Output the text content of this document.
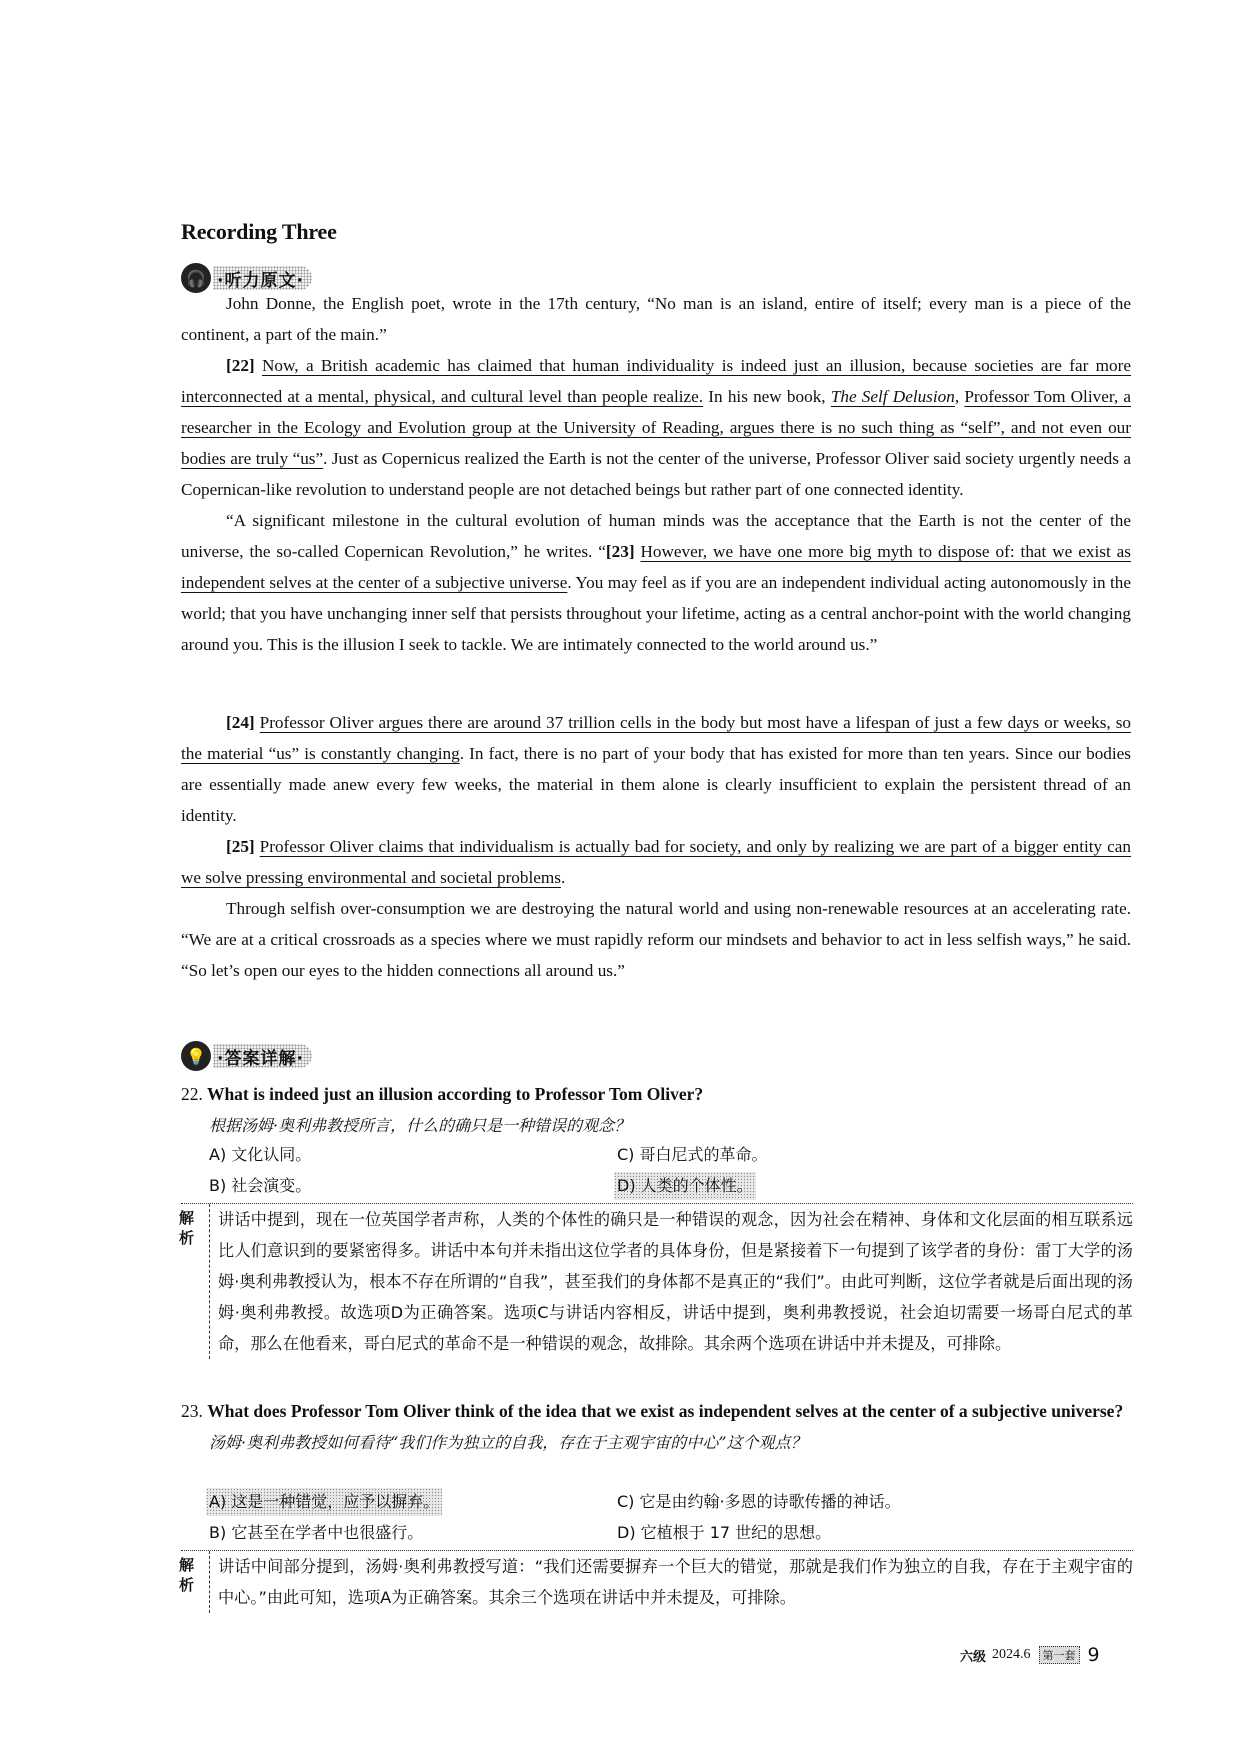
Recording Three
🎧 ·听力原文·
John Donne, the English poet, wrote in the 17th century, “No man is an island, entire of itself; every man is a piece of the continent, a part of the main.”
[22] Now, a British academic has claimed that human individuality is indeed just an illusion, because societies are far more interconnected at a mental, physical, and cultural level than people realize. In his new book, The Self Delusion, Professor Tom Oliver, a researcher in the Ecology and Evolution group at the University of Reading, argues there is no such thing as “self”, and not even our bodies are truly “us”. Just as Copernicus realized the Earth is not the center of the universe, Professor Oliver said society urgently needs a Copernican-like revolution to understand people are not detached beings but rather part of one connected identity.
“A significant milestone in the cultural evolution of human minds was the acceptance that the Earth is not the center of the universe, the so-called Copernican Revolution,” he writes. “[23] However, we have one more big myth to dispose of: that we exist as independent selves at the center of a subjective universe. You may feel as if you are an independent individual acting autonomously in the world; that you have unchanging inner self that persists throughout your lifetime, acting as a central anchor-point with the world changing around you. This is the illusion I seek to tackle. We are intimately connected to the world around us.”
[24] Professor Oliver argues there are around 37 trillion cells in the body but most have a lifespan of just a few days or weeks, so the material “us” is constantly changing. In fact, there is no part of your body that has existed for more than ten years. Since our bodies are essentially made anew every few weeks, the material in them alone is clearly insufficient to explain the persistent thread of an identity.
[25] Professor Oliver claims that individualism is actually bad for society, and only by realizing we are part of a bigger entity can we solve pressing environmental and societal problems.
Through selfish over-consumption we are destroying the natural world and using non-renewable resources at an accelerating rate. “We are at a critical crossroads as a species where we must rapidly reform our mindsets and behavior to act in less selfish ways,” he said. “So let’s open our eyes to the hidden connections all around us.”
💡 ·答案详解·
22. What is indeed just an illusion according to Professor Tom Oliver?
根据汤姆·奥利弗教授所言，什么的确只是一种错误的观念？
A) 文化认同。	C) 哥白尼式的革命。
B) 社会演变。	D) 人类的个体性。
解析
讲话中提到，现在一位英国学者声称，人类的个体性的确只是一种错误的观念，因为社会在精神、身体和文化层面的相互联系远比人们意识到的要紧密得多。讲话中本句并未指出这位学者的具体身份，但是紧接着下一句提到了该学者的身份：雷丁大学的汤姆·奥利弗教授认为，根本不存在所谓的“自我”，甚至我们的身体都不是真正的“我们”。由此可判断，这位学者就是后面出现的汤姆·奥利弗教授。故选项D为正确答案。选项C与讲话内容相反，讲话中提到，奥利弗教授说，社会迫切需要一场哥白尼式的革命，那么在他看来，哥白尼式的革命不是一种错误的观念，故排除。其余两个选项在讲话中并未提及，可排除。
23. What does Professor Tom Oliver think of the idea that we exist as independent selves at the center of a subjective universe? 汤姆·奥利弗教授如何看待“我们作为独立的自我，存在于主观宇宙的中心”这个观点？
A) 这是一种错觉，应予以摒弃。	C) 它是由约翰·多恩的诗歌传播的神话。
B) 它甚至在学者中也很盛行。	D) 它植根于 17 世纪的思想。
解析
讲话中间部分提到，汤姆·奥利弗教授写道：“我们还需要摒弃一个巨大的错觉，那就是我们作为独立的自我，存在于主观宇宙的中心。”由此可知，选项A为正确答案。其余三个选项在讲话中并未提及，可排除。
六级 2024.6	第一套 9
